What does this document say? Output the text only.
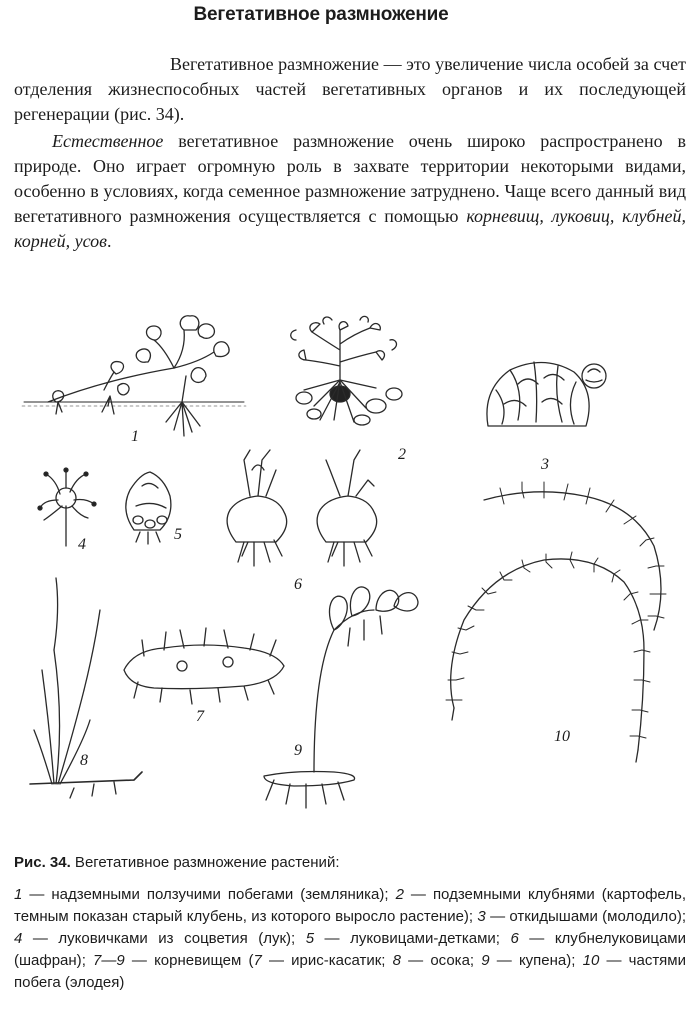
Вегетативное размножение

Вегетативное размножение — это увеличение числа особей за счет отделения жизнеспособных частей вегетативных органов и их последующей регенерации (рис. 34).

Естественное вегетативное размножение очень широко распространено в природе. Оно играет огромную роль в захвате территории некоторыми видами, особенно в условиях, когда семенное размножение затруднено. Чаще всего данный вид вегетативного размножения осуществляется с помощью корневищ, луковиц, клубней, корней, усов.

1
2
3
4
5
6
7
8
9
10
Рис. 34. Вегетативное размножение растений:
1 — надземными ползучими побегами (земляника); 2 — подземными клубнями (картофель, темным показан старый клубень, из которого выросло растение); 3 — откидышами (молодило); 4 — луковичками из соцветия (лук); 5 — луковицами-детками; 6 — клубнелуковицами (шафран); 7—9 — корневищем (7 — ирис-касатик; 8 — осока; 9 — купена); 10 — частями побега (элодея)
